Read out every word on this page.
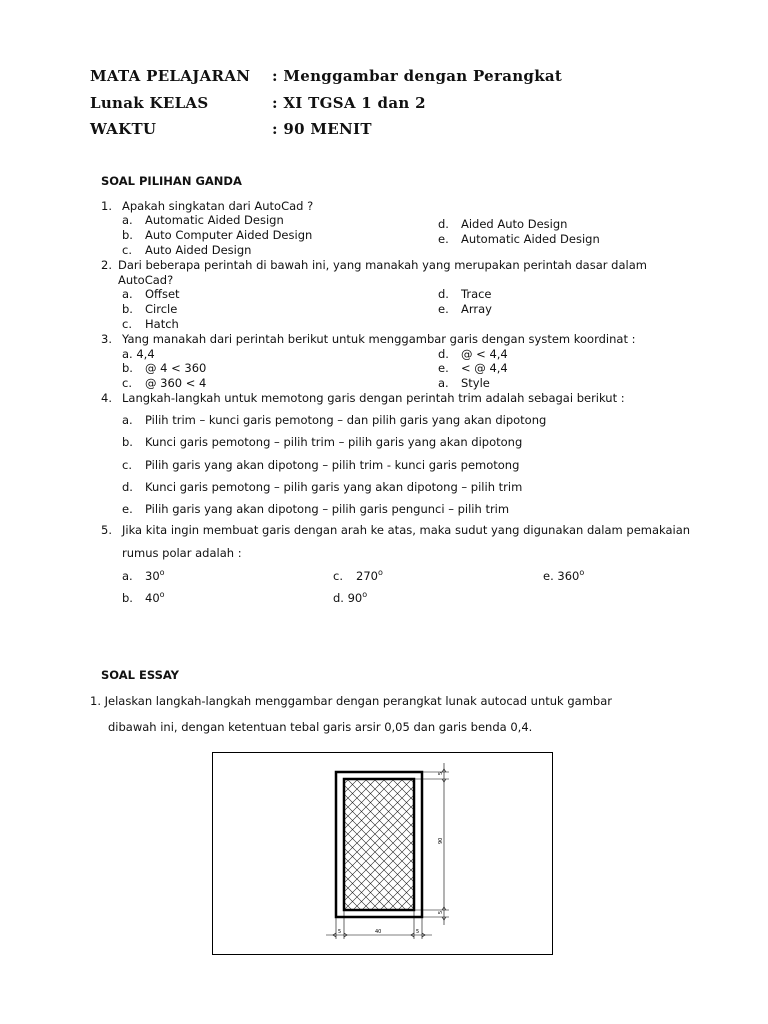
MATA PELAJARAN : Menggambar dengan Perangkat
Lunak KELAS	: XI TGSA 1 dan 2
WAKTU	: 90 MENIT
SOAL PILIHAN GANDA
1. Apakah singkatan dari AutoCad ?
a. Automatic Aided Design
b. Auto Computer Aided Design
c. Auto Aided Design
d. Aided Auto Design
e. Automatic Aided Design
2. Dari beberapa perintah di bawah ini, yang manakah yang merupakan perintah dasar dalam
AutoCad?
a. Offset
b. Circle
c. Hatch
d. Trace
e. Array
3. Yang manakah dari perintah berikut untuk menggambar garis dengan system koordinat :
a. 4,4
b. @ 4 < 360
c. @ 360 < 4
d. @ < 4,4
e. < @ 4,4
a. Style
4. Langkah-langkah untuk memotong garis dengan perintah trim adalah sebagai berikut :
a. Pilih trim – kunci garis pemotong – dan pilih garis yang akan dipotong
b. Kunci garis pemotong – pilih trim – pilih garis yang akan dipotong
c. Pilih garis yang akan dipotong – pilih trim - kunci garis pemotong
d. Kunci garis pemotong – pilih garis yang akan dipotong – pilih trim
e. Pilih garis yang akan dipotong – pilih garis pengunci – pilih trim
5. Jika kita ingin membuat garis dengan arah ke atas, maka sudut yang digunakan dalam pemakaian
rumus polar adalah :
a. 30$^o$
b. 40$^o$
c. 270$^o$
d. 90$^o$
e. 360$^o$
SOAL ESSAY
1. Jelaskan langkah-langkah menggambar dengan perangkat lunak autocad untuk gambar
dibawah ini, dengan ketentuan tebal garis arsir 0,05 dan garis benda 0,4.
5
90
5
5	40	5
